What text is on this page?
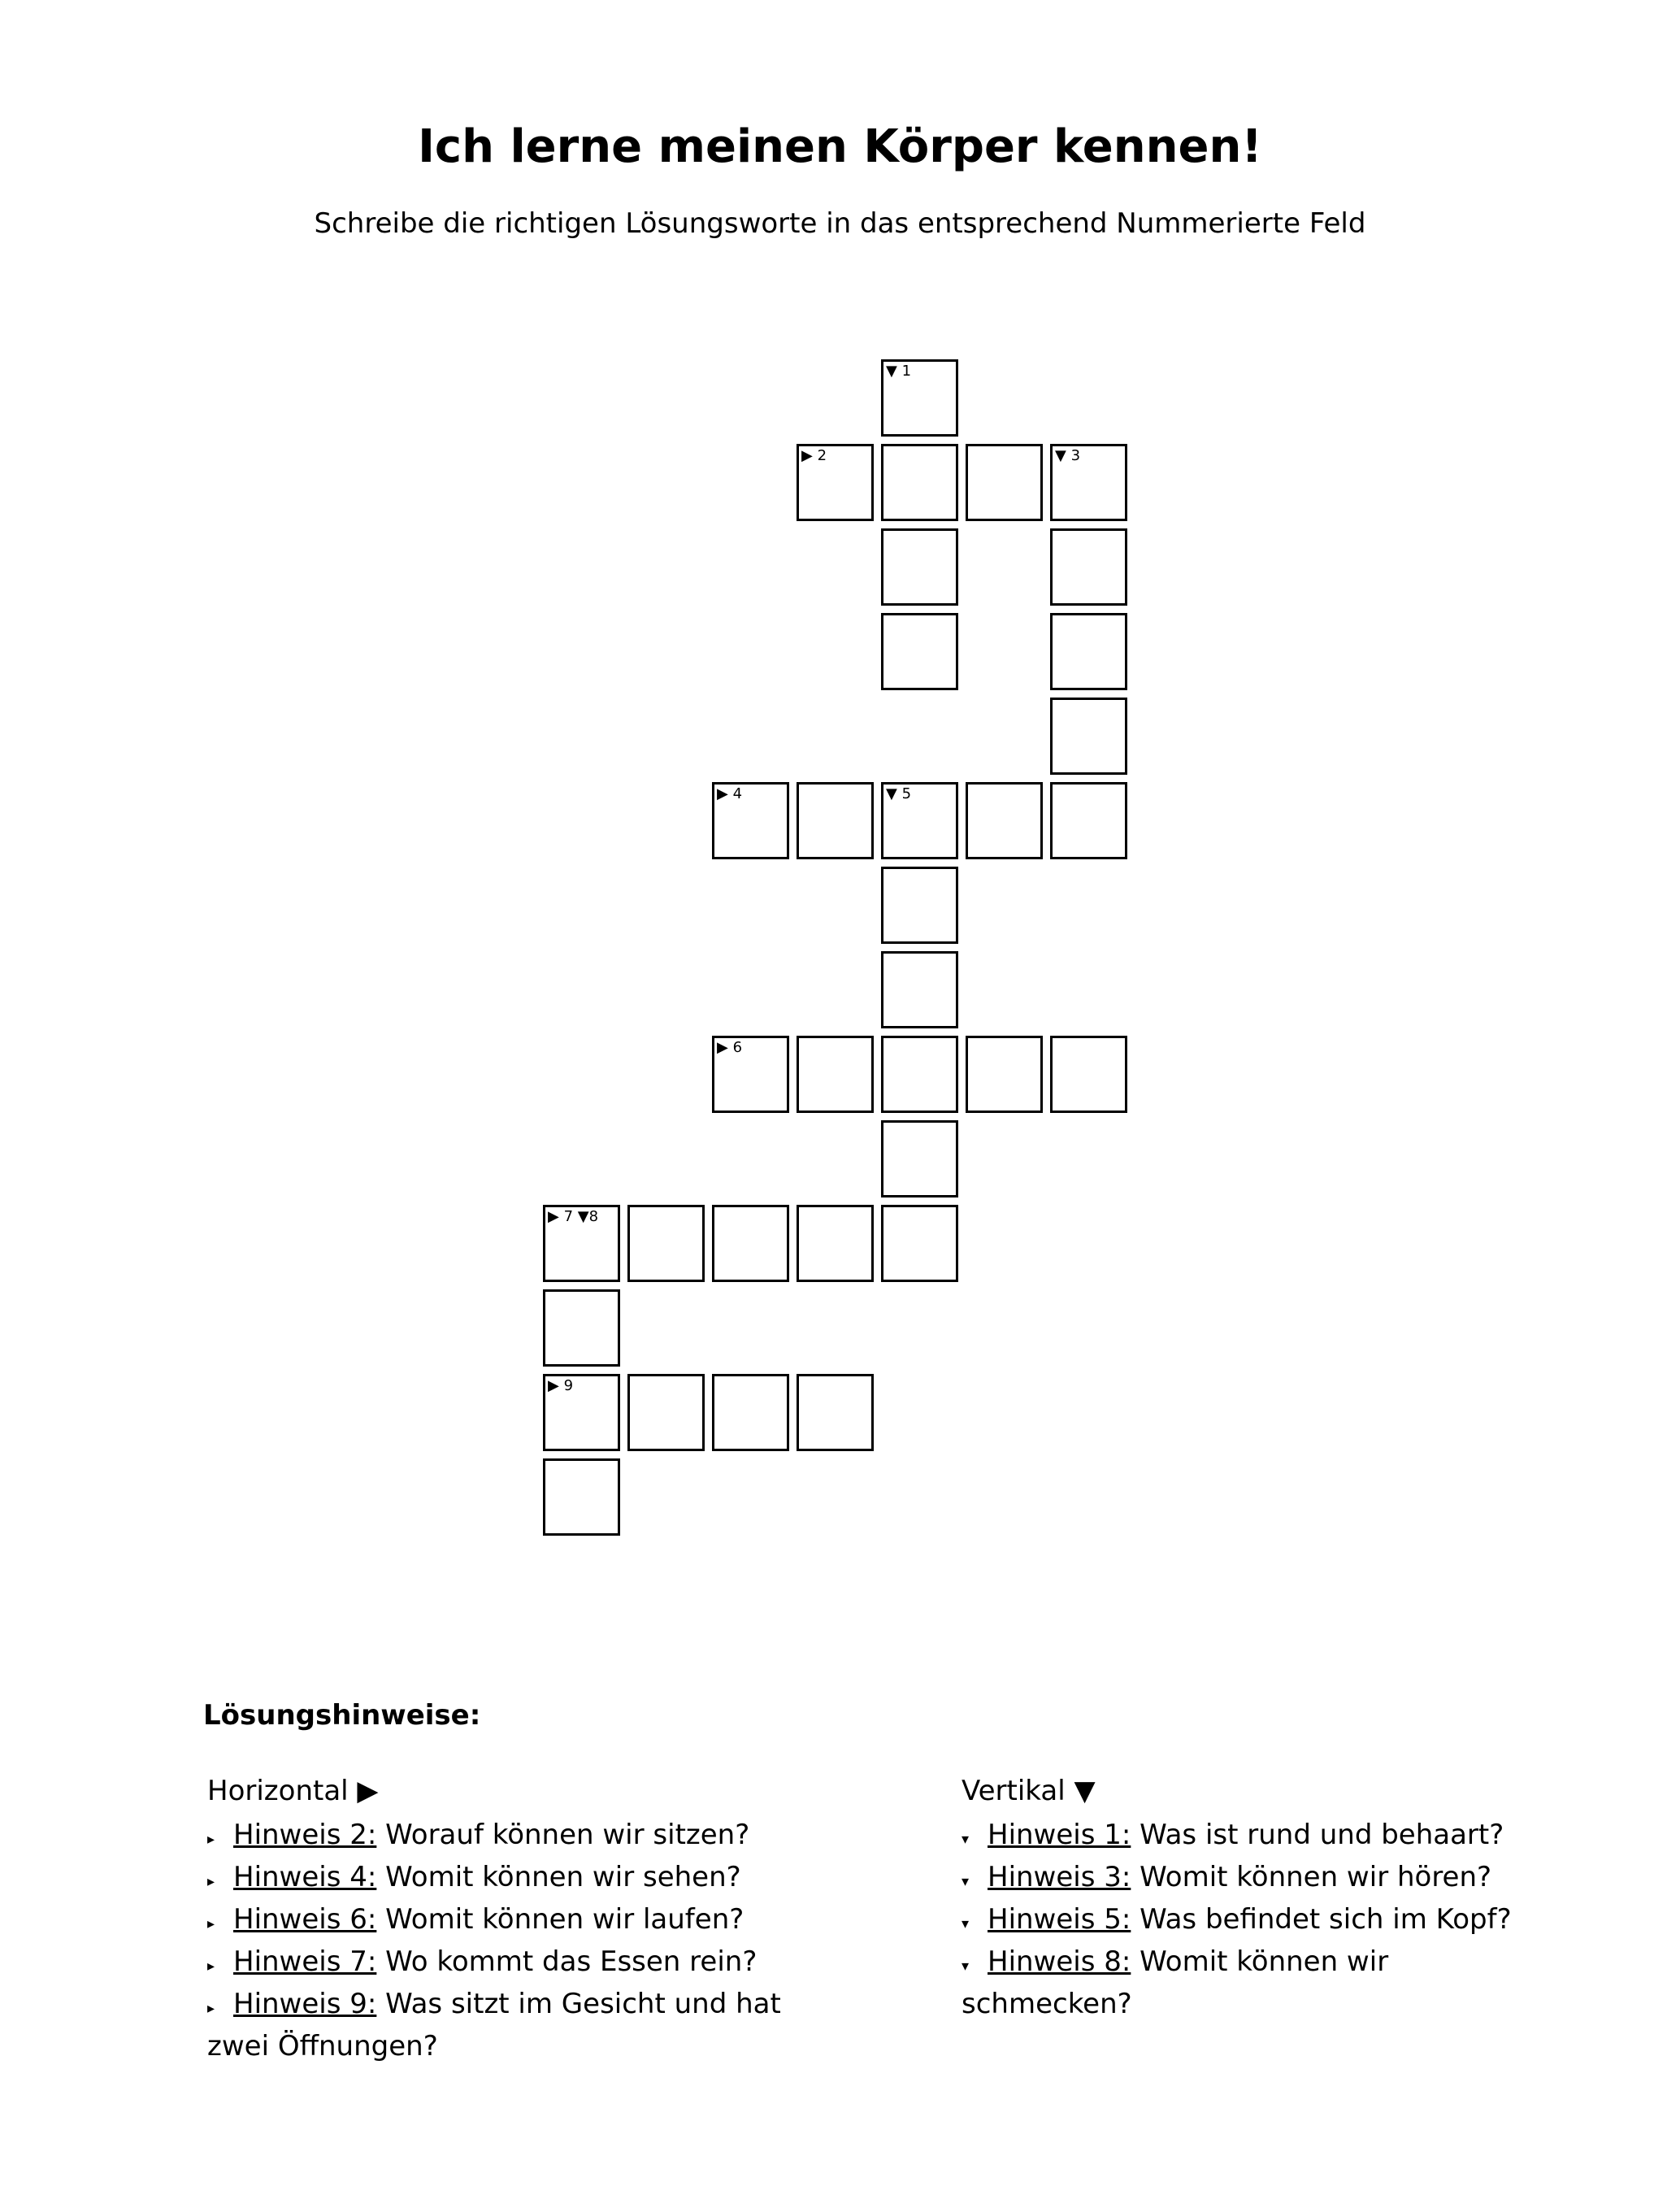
Ich lerne meinen Körper kennen!
Schreibe die richtigen Lösungsworte in das entsprechend Nummerierte Feld
▼ 1
▶ 2	▼ 3
▶ 4	▼ 5
▶ 6
▶ 7 ▼8
▶ 9
Lösungshinweise:
Horizontal ▶
▸ Hinweis 2: Worauf können wir sitzen?
▸ Hinweis 4: Womit können wir sehen?
▸ Hinweis 6: Womit können wir laufen?
▸ Hinweis 7: Wo kommt das Essen rein?
▸ Hinweis 9: Was sitzt im Gesicht und hat zwei Öffnungen?
Vertikal ▼
▾ Hinweis 1: Was ist rund und behaart?
▾ Hinweis 3: Womit können wir hören?
▾ Hinweis 5: Was befindet sich im Kopf?
▾ Hinweis 8: Womit können wir schmecken?
